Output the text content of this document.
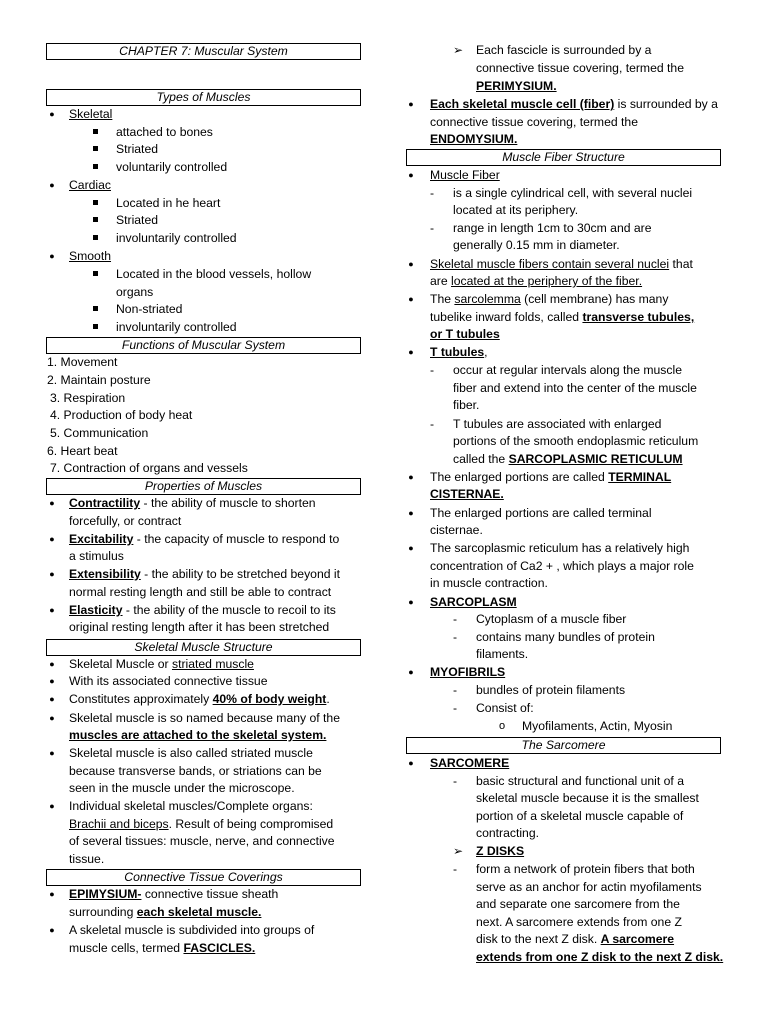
CHAPTER 7: Muscular System
Types of Muscles
● Skeletal
attached to bones
Striated
voluntarily controlled
● Cardiac
Located in he heart
Striated
involuntarily controlled
● Smooth
Located in the blood vessels, hollow
organs
Non-striated
involuntarily controlled
Functions of Muscular System
1. Movement
2. Maintain posture
3. Respiration
4. Production of body heat
5. Communication
6. Heart beat
7. Contraction of organs and vessels
Properties of Muscles
● Contractility - the ability of muscle to shorten
forcefully, or contract
● Excitability - the capacity of muscle to respond to
a stimulus
● Extensibility - the ability to be stretched beyond it
normal resting length and still be able to contract
● Elasticity - the ability of the muscle to recoil to its
original resting length after it has been stretched
Skeletal Muscle Structure
● Skeletal Muscle or striated muscle
● With its associated connective tissue
● Constitutes approximately 40% of body weight.
● Skeletal muscle is so named because many of the
muscles are attached to the skeletal system.
● Skeletal muscle is also called striated muscle
because transverse bands, or striations can be
seen in the muscle under the microscope.
● Individual skeletal muscles/Complete organs:
Brachii and biceps. Result of being compromised
of several tissues: muscle, nerve, and connective
tissue.
Connective Tissue Coverings
● EPIMYSIUM- connective tissue sheath
surrounding each skeletal muscle.
● A skeletal muscle is subdivided into groups of
muscle cells, termed FASCICLES.
➢ Each fascicle is surrounded by a
connective tissue covering, termed the
PERIMYSIUM.
● Each skeletal muscle cell (fiber) is surrounded by a
connective tissue covering, termed the
ENDOMYSIUM.
Muscle Fiber Structure
● Muscle Fiber
- is a single cylindrical cell, with several nuclei
located at its periphery.
- range in length 1cm to 30cm and are
generally 0.15 mm in diameter.
● Skeletal muscle fibers contain several nuclei that
are located at the periphery of the fiber.
● The sarcolemma (cell membrane) has many
tubelike inward folds, called transverse tubules,
or T tubules
● T tubules,
- occur at regular intervals along the muscle
fiber and extend into the center of the muscle
fiber.
- T tubules are associated with enlarged
portions of the smooth endoplasmic reticulum
called the SARCOPLASMIC RETICULUM
● The enlarged portions are called TERMINAL
CISTERNAE.
● The enlarged portions are called terminal
cisternae.
● The sarcoplasmic reticulum has a relatively high
concentration of Ca2 + , which plays a major role
in muscle contraction.
● SARCOPLASM
- Cytoplasm of a muscle fiber
- contains many bundles of protein
filaments.
● MYOFIBRILS
- bundles of protein filaments
- Consist of:
o Myofilaments, Actin, Myosin
The Sarcomere
● SARCOMERE
- basic structural and functional unit of a
skeletal muscle because it is the smallest
portion of a skeletal muscle capable of
contracting.
➢ Z DISKS
- form a network of protein fibers that both
serve as an anchor for actin myofilaments
and separate one sarcomere from the
next. A sarcomere extends from one Z
disk to the next Z disk. A sarcomere
extends from one Z disk to the next Z disk.
